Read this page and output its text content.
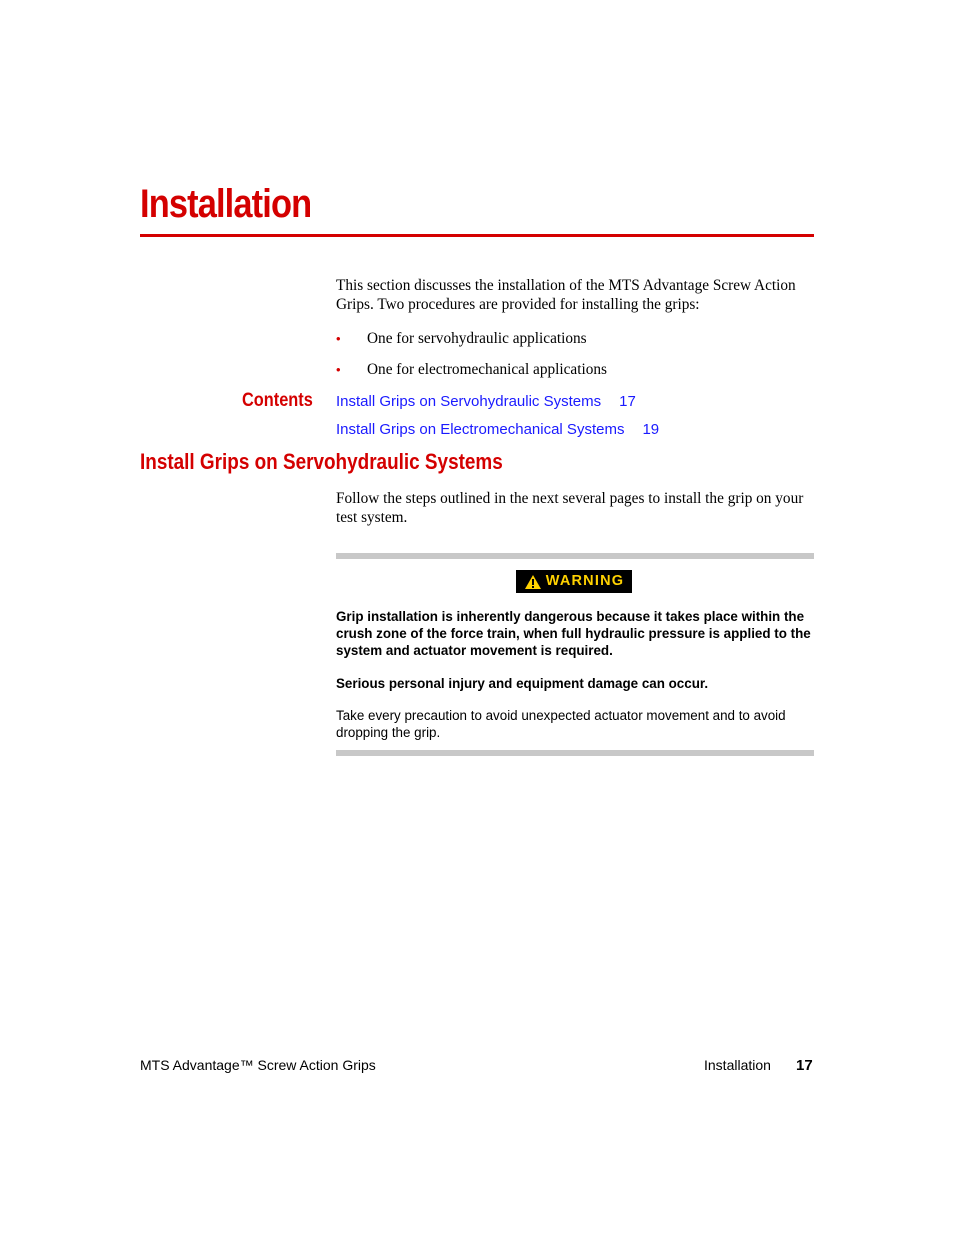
Installation

This section discusses the installation of the MTS Advantage Screw Action Grips. Two procedures are provided for installing the grips:

• One for servohydraulic applications
• One for electromechanical applications
Contents Install Grips on Servohydraulic Systems 17
Install Grips on Electromechanical Systems 19
Install Grips on Servohydraulic Systems

Follow the steps outlined in the next several pages to install the grip on your test system.

WARNING

Grip installation is inherently dangerous because it takes place within the crush zone of the force train, when full hydraulic pressure is applied to the system and actuator movement is required.

Serious personal injury and equipment damage can occur.

Take every precaution to avoid unexpected actuator movement and to avoid dropping the grip.

MTS Advantage™ Screw Action Grips	Installation 17
